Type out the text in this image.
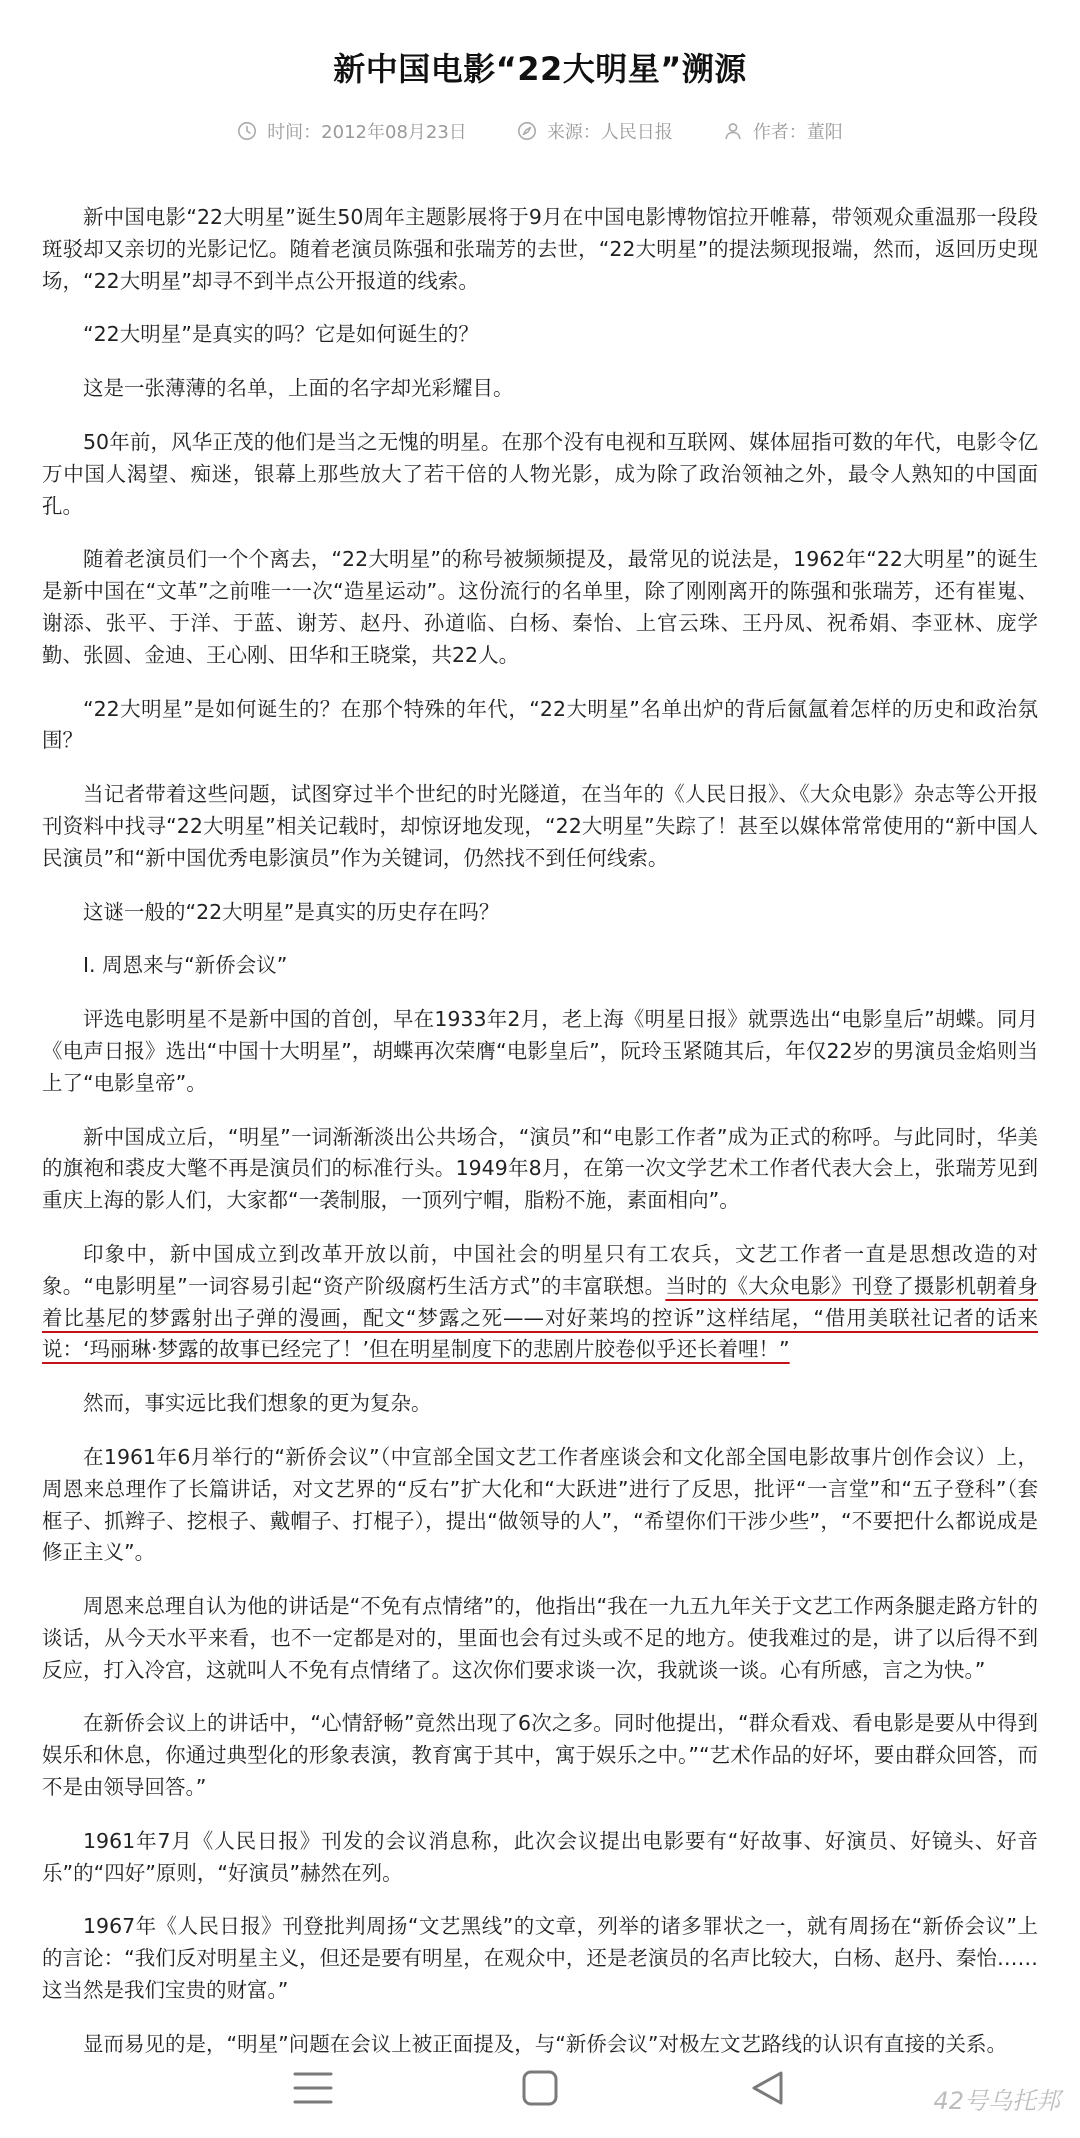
新中国电影“22大明星”溯源
时间：2012年08月23日	来源：人民日报	作者：董阳

新中国电影“22大明星”诞生50周年主题影展将于9月在中国电影博物馆拉开帷幕，带领观众重温那一段段斑驳却又亲切的光影记忆。随着老演员陈强和张瑞芳的去世，“22大明星”的提法频现报端，然而，返回历史现场，“22大明星”却寻不到半点公开报道的线索。

“22大明星”是真实的吗？它是如何诞生的？

这是一张薄薄的名单，上面的名字却光彩耀目。

50年前，风华正茂的他们是当之无愧的明星。在那个没有电视和互联网、媒体屈指可数的年代，电影令亿万中国人渴望、痴迷，银幕上那些放大了若干倍的人物光影，成为除了政治领袖之外，最令人熟知的中国面孔。

随着老演员们一个个离去，“22大明星”的称号被频频提及，最常见的说法是，1962年“22大明星”的诞生是新中国在“文革”之前唯一一次“造星运动”。这份流行的名单里，除了刚刚离开的陈强和张瑞芳，还有崔嵬、谢添、张平、于洋、于蓝、谢芳、赵丹、孙道临、白杨、秦怡、上官云珠、王丹凤、祝希娟、李亚林、庞学勤、张圆、金迪、王心刚、田华和王晓棠，共22人。

“22大明星”是如何诞生的？在那个特殊的年代，“22大明星”名单出炉的背后氤氲着怎样的历史和政治氛围？

当记者带着这些问题，试图穿过半个世纪的时光隧道，在当年的《人民日报》、《大众电影》杂志等公开报刊资料中找寻“22大明星”相关记载时，却惊讶地发现，“22大明星”失踪了！甚至以媒体常常使用的“新中国人民演员”和“新中国优秀电影演员”作为关键词，仍然找不到任何线索。

这谜一般的“22大明星”是真实的历史存在吗？

I. 周恩来与“新侨会议”

评选电影明星不是新中国的首创，早在1933年2月，老上海《明星日报》就票选出“电影皇后”胡蝶。同月《电声日报》选出“中国十大明星”，胡蝶再次荣膺“电影皇后”，阮玲玉紧随其后，年仅22岁的男演员金焰则当上了“电影皇帝”。

新中国成立后，“明星”一词渐渐淡出公共场合，“演员”和“电影工作者”成为正式的称呼。与此同时，华美的旗袍和裘皮大氅不再是演员们的标准行头。1949年8月，在第一次文学艺术工作者代表大会上，张瑞芳见到重庆上海的影人们，大家都“一袭制服，一顶列宁帽，脂粉不施，素面相向”。

印象中，新中国成立到改革开放以前，中国社会的明星只有工农兵，文艺工作者一直是思想改造的对象。“电影明星”一词容易引起“资产阶级腐朽生活方式”的丰富联想。当时的《大众电影》刊登了摄影机朝着身着比基尼的梦露射出子弹的漫画，配文“梦露之死——对好莱坞的控诉”这样结尾，“借用美联社记者的话来说：‘玛丽琳·梦露的故事已经完了！’但在明星制度下的悲剧片胶卷似乎还长着哩！”

然而，事实远比我们想象的更为复杂。

在1961年6月举行的“新侨会议”（中宣部全国文艺工作者座谈会和文化部全国电影故事片创作会议）上，周恩来总理作了长篇讲话，对文艺界的“反右”扩大化和“大跃进”进行了反思，批评“一言堂”和“五子登科”（套框子、抓辫子、挖根子、戴帽子、打棍子），提出“做领导的人”，“希望你们干涉少些”，“不要把什么都说成是修正主义”。

周恩来总理自认为他的讲话是“不免有点情绪”的，他指出“我在一九五九年关于文艺工作两条腿走路方针的谈话，从今天水平来看，也不一定都是对的，里面也会有过头或不足的地方。使我难过的是，讲了以后得不到反应，打入冷宫，这就叫人不免有点情绪了。这次你们要求谈一次，我就谈一谈。心有所感，言之为快。”

在新侨会议上的讲话中，“心情舒畅”竟然出现了6次之多。同时他提出，“群众看戏、看电影是要从中得到娱乐和休息，你通过典型化的形象表演，教育寓于其中，寓于娱乐之中。”“艺术作品的好坏，要由群众回答，而不是由领导回答。”

1961年7月《人民日报》刊发的会议消息称，此次会议提出电影要有“好故事、好演员、好镜头、好音乐”的“四好”原则，“好演员”赫然在列。

1967年《人民日报》刊登批判周扬“文艺黑线”的文章，列举的诸多罪状之一，就有周扬在“新侨会议”上的言论：“我们反对明星主义，但还是要有明星，在观众中，还是老演员的名声比较大，白杨、赵丹、秦怡……这当然是我们宝贵的财富。”

显而易见的是，“明星”问题在会议上被正面提及，与“新侨会议”对极左文艺路线的认识有直接的关系。

42号乌托邦
